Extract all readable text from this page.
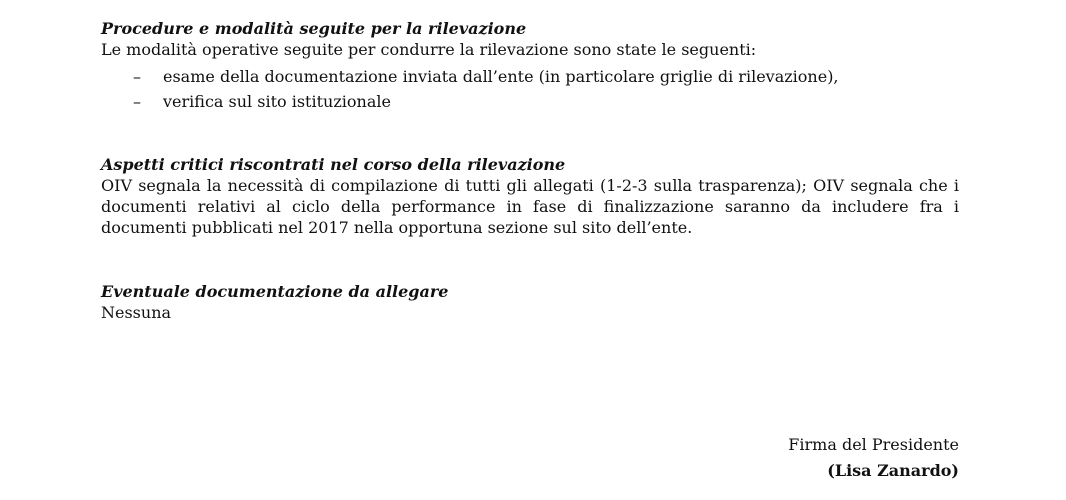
Procedure e modalità seguite per la rilevazione

Le modalità operative seguite per condurre la rilevazione sono state le seguenti:

– esame della documentazione inviata dall’ente (in particolare griglie di rilevazione),
– verifica sul sito istituzionale

Aspetti critici riscontrati nel corso della rilevazione

OIV segnala la necessità di compilazione di tutti gli allegati (1-2-3 sulla trasparenza); OIV segnala che i documenti relativi al ciclo della performance in fase di finalizzazione saranno da includere fra i documenti pubblicati nel 2017 nella opportuna sezione sul sito dell’ente.

Eventuale documentazione da allegare

Nessuna

Firma del Presidente
(Lisa Zanardo)
